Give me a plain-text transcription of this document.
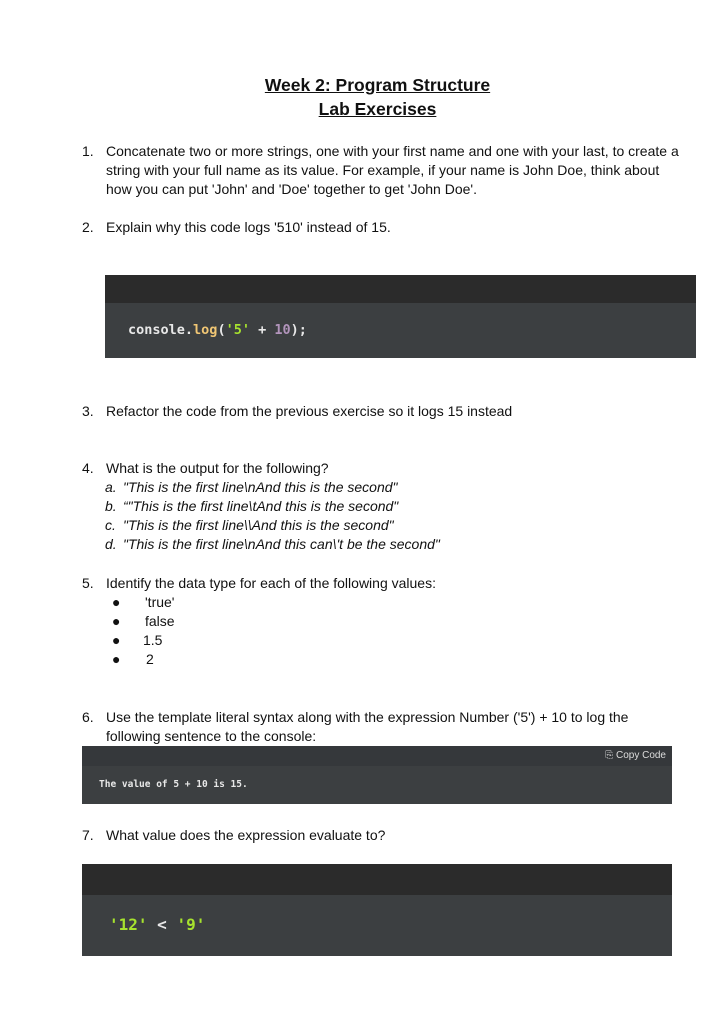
Week 2: Program Structure
Lab Exercises
1. Concatenate two or more strings, one with your first name and one with your last, to create a string with your full name as its value. For example, if your name is John Doe, think about how you can put 'John' and 'Doe' together to get 'John Doe'.
2. Explain why this code logs '510' instead of 15.
console.log('5' + 10);
3. Refactor the code from the previous exercise so it logs 15 instead
4. What is the output for the following?
a. "This is the first line\nAnd this is the second"
b. “"This is the first line\tAnd this is the second"
c. "This is the first line\\And this is the second"
d. "This is the first line\nAnd this can\'t be the second"
5. Identify the data type for each of the following values:
● 'true'
● false
● 1.5
● 2
6. Use the template literal syntax along with the expression Number ('5') + 10 to log the following sentence to the console:
⎘ Copy Code
The value of 5 + 10 is 15.
7. What value does the expression evaluate to?
'12' < '9'
